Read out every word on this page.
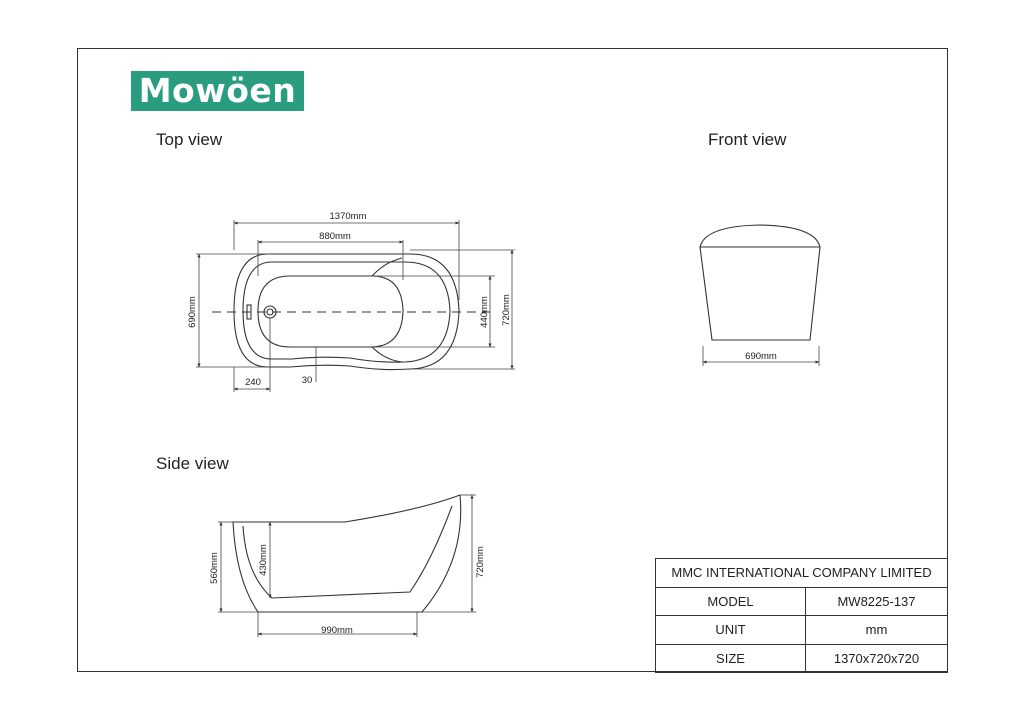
Mowöen
Top view	Front view
Side view
1370mm
880mm
690mm	440mm 720mm
240	30
690mm
560mm	430mm	720mm
990mm
MMC INTERNATIONAL COMPANY LIMITED	
MODEL	MW8225-137
UNIT	mm
SIZE	1370x720x720
